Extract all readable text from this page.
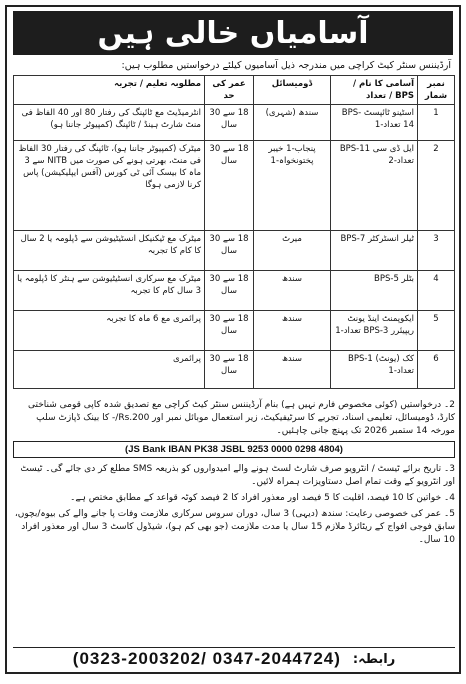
آسامیاں خالی ہیں
آرڈیننس سنٹر کیٹ کراچی میں مندرجہ ذیل آسامیوں کیلئے درخواستیں مطلوب ہیں:
نمبر شمار	آسامی کا نام / BPS / تعداد	ڈومیسائل	عمر کی حد	مطلوبہ تعلیم / تجربہ
1	اسٹینو ٹائپسٹ BPS-14 تعداد-1	سندھ (شہری)	18 سے 30 سال	انٹرمیڈیٹ مع ٹائپنگ کی رفتار 80 اور 40 الفاظ فی منٹ شارٹ ہینڈ / ٹائپنگ (کمپیوٹر جاننا ہو)
2	ایل ڈی سی BPS-11 تعداد-2	پنجاب-1 خیبر پختونخواہ-1	18 سے 30 سال	میٹرک (کمپیوٹر جاننا ہو)، ٹائپنگ کی رفتار 30 الفاظ فی منٹ، بھرتی ہونے کی صورت میں NITB سے 3 ماہ کا بیسک آئی ٹی کورس (آفس ایپلیکیشن) پاس کرنا لازمی ہوگا
3	ٹیلر انسٹرکٹر BPS-7	میرٹ	18 سے 30 سال	میٹرک مع ٹیکنیکل انسٹیٹیوشن سے ڈپلومہ یا 2 سال کا کام کا تجربہ
4	بٹلر BPS-5	سندھ	18 سے 30 سال	میٹرک مع سرکاری انسٹیٹیوشن سے ہنٹر کا ڈپلومہ یا 3 سال کام کا تجربہ
5	ایکوپمنٹ اینڈ یونٹ ریپیئرر BPS-3 تعداد-1	سندھ	18 سے 30 سال	پرائمری مع 6 ماہ کا تجربہ
6	کک (یونٹ) BPS-1 تعداد-1	سندھ	18 سے 30 سال	پرائمری
2۔ درخواستیں (کوئی مخصوص فارم نہیں ہے) بنام آرڈیننس سنٹر کیٹ کراچی مع تصدیق شدہ کاپی قومی شناختی کارڈ، ڈومیسائل، تعلیمی اسناد، تجربے کا سرٹیفیکیٹ، زیر استعمال موبائل نمبر اور Rs.200/- کا بینک ڈپازٹ سلپ مورخہ 14 ستمبر 2026 تک پہنچ جانی چاہئیں۔
(JS Bank IBAN PK38 JSBL 9253 0000 0298 4804)
3۔ تاریخ برائے ٹیسٹ / انٹرویو صرف شارٹ لسٹ ہونے والے امیدواروں کو بذریعہ SMS مطلع کر دی جائے گی۔ ٹیسٹ اور انٹرویو کے وقت تمام اصل دستاویزات ہمراہ لائیں۔
4۔ خواتین کا 10 فیصد، اقلیت کا 5 فیصد اور معذور افراد کا 2 فیصد کوٹہ قواعد کے مطابق مختص ہے۔
5۔ عمر کی خصوصی رعایت: سندھ (دیہی) 3 سال، دوران سروس سرکاری ملازمت وفات پا جانے والے کی بیوہ/بچوں، سابق فوجی افواج کے ریٹائرڈ ملازم 15 سال یا مدت ملازمت (جو بھی کم ہو)، شیڈول کاسٹ 3 سال اور معذور افراد 10 سال۔
(0323-2003202/ 0347-2044724) رابطہ:
